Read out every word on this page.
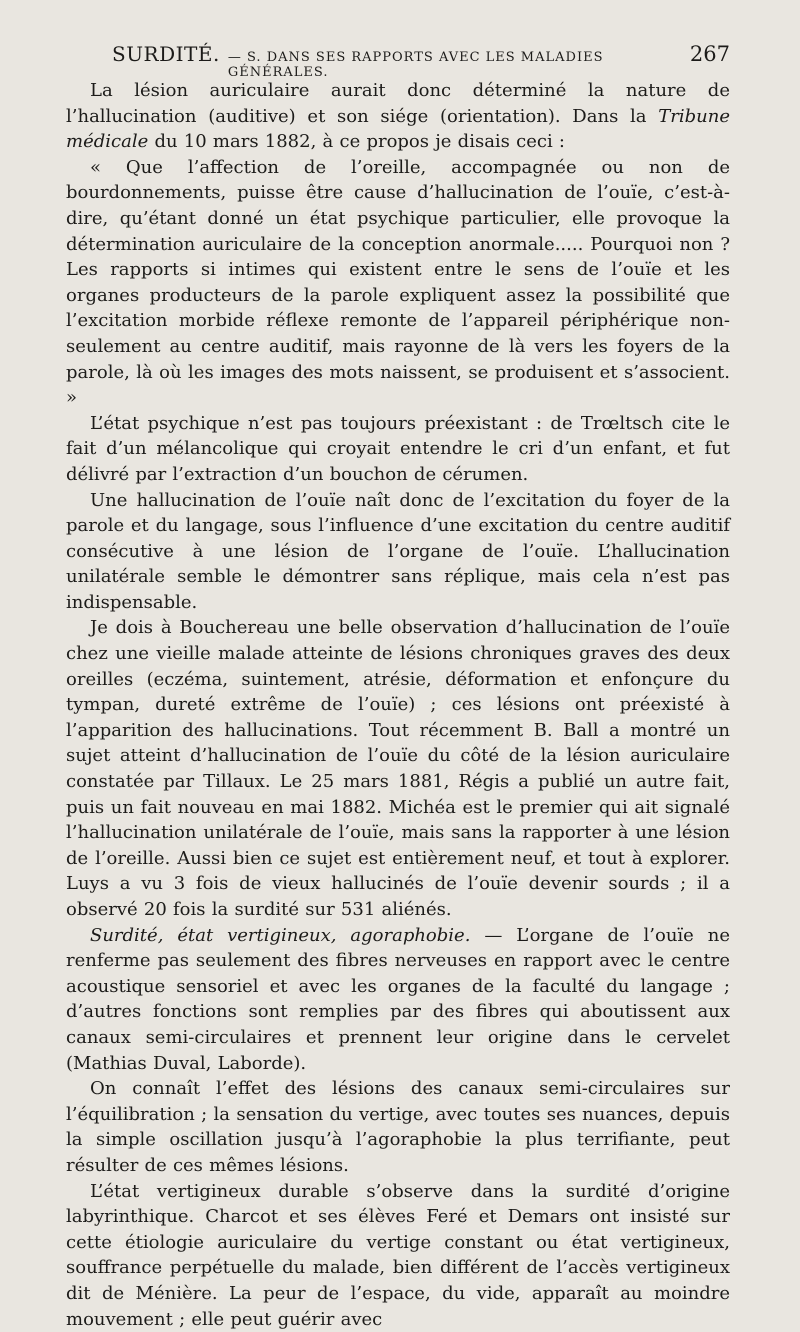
SURDITÉ. — S. DANS SES RAPPORTS AVEC LES MALADIES GÉNÉRALES.
267

La lésion auriculaire aurait donc déterminé la nature de l’hallucination (auditive) et son siége (orientation). Dans la Tribune médicale du 10 mars 1882, à ce propos je disais ceci :

« Que l’affection de l’oreille, accompagnée ou non de bourdonnements, puisse être cause d’hallucination de l’ouïe, c’est-à-dire, qu’étant donné un état psychique particulier, elle provoque la détermination auriculaire de la conception anormale..... Pourquoi non ? Les rapports si intimes qui existent entre le sens de l’ouïe et les organes producteurs de la parole expliquent assez la possibilité que l’excitation morbide réflexe remonte de l’appareil périphérique non-seulement au centre auditif, mais rayonne de là vers les foyers de la parole, là où les images des mots naissent, se produisent et s’associent. »

L’état psychique n’est pas toujours préexistant : de Trœltsch cite le fait d’un mélancolique qui croyait entendre le cri d’un enfant, et fut délivré par l’extraction d’un bouchon de cérumen.

Une hallucination de l’ouïe naît donc de l’excitation du foyer de la parole et du langage, sous l’influence d’une excitation du centre auditif consécutive à une lésion de l’organe de l’ouïe. L’hallucination unilatérale semble le démontrer sans réplique, mais cela n’est pas indispensable.

Je dois à Bouchereau une belle observation d’hallucination de l’ouïe chez une vieille malade atteinte de lésions chroniques graves des deux oreilles (eczéma, suintement, atrésie, déformation et enfonçure du tympan, dureté extrême de l’ouïe) ; ces lésions ont préexisté à l’apparition des hallucinations. Tout récemment B. Ball a montré un sujet atteint d’hallucination de l’ouïe du côté de la lésion auriculaire constatée par Tillaux. Le 25 mars 1881, Régis a publié un autre fait, puis un fait nouveau en mai 1882. Michéa est le premier qui ait signalé l’hallucination unilatérale de l’ouïe, mais sans la rapporter à une lésion de l’oreille. Aussi bien ce sujet est entièrement neuf, et tout à explorer. Luys a vu 3 fois de vieux hallucinés de l’ouïe devenir sourds ; il a observé 20 fois la surdité sur 531 aliénés.

Surdité, état vertigineux, agoraphobie. — L’organe de l’ouïe ne renferme pas seulement des fibres nerveuses en rapport avec le centre acoustique sensoriel et avec les organes de la faculté du langage ; d’autres fonctions sont remplies par des fibres qui aboutissent aux canaux semi-circulaires et prennent leur origine dans le cervelet (Mathias Duval, Laborde).

On connaît l’effet des lésions des canaux semi-circulaires sur l’équilibration ; la sensation du vertige, avec toutes ses nuances, depuis la simple oscillation jusqu’à l’agoraphobie la plus terrifiante, peut résulter de ces mêmes lésions.

L’état vertigineux durable s’observe dans la surdité d’origine labyrinthique. Charcot et ses élèves Feré et Demars ont insisté sur cette étiologie auriculaire du vertige constant ou état vertigineux, souffrance perpétuelle du malade, bien différent de l’accès vertigineux dit de Ménière. La peur de l’espace, du vide, apparaît au moindre mouvement ; elle peut guérir avec
